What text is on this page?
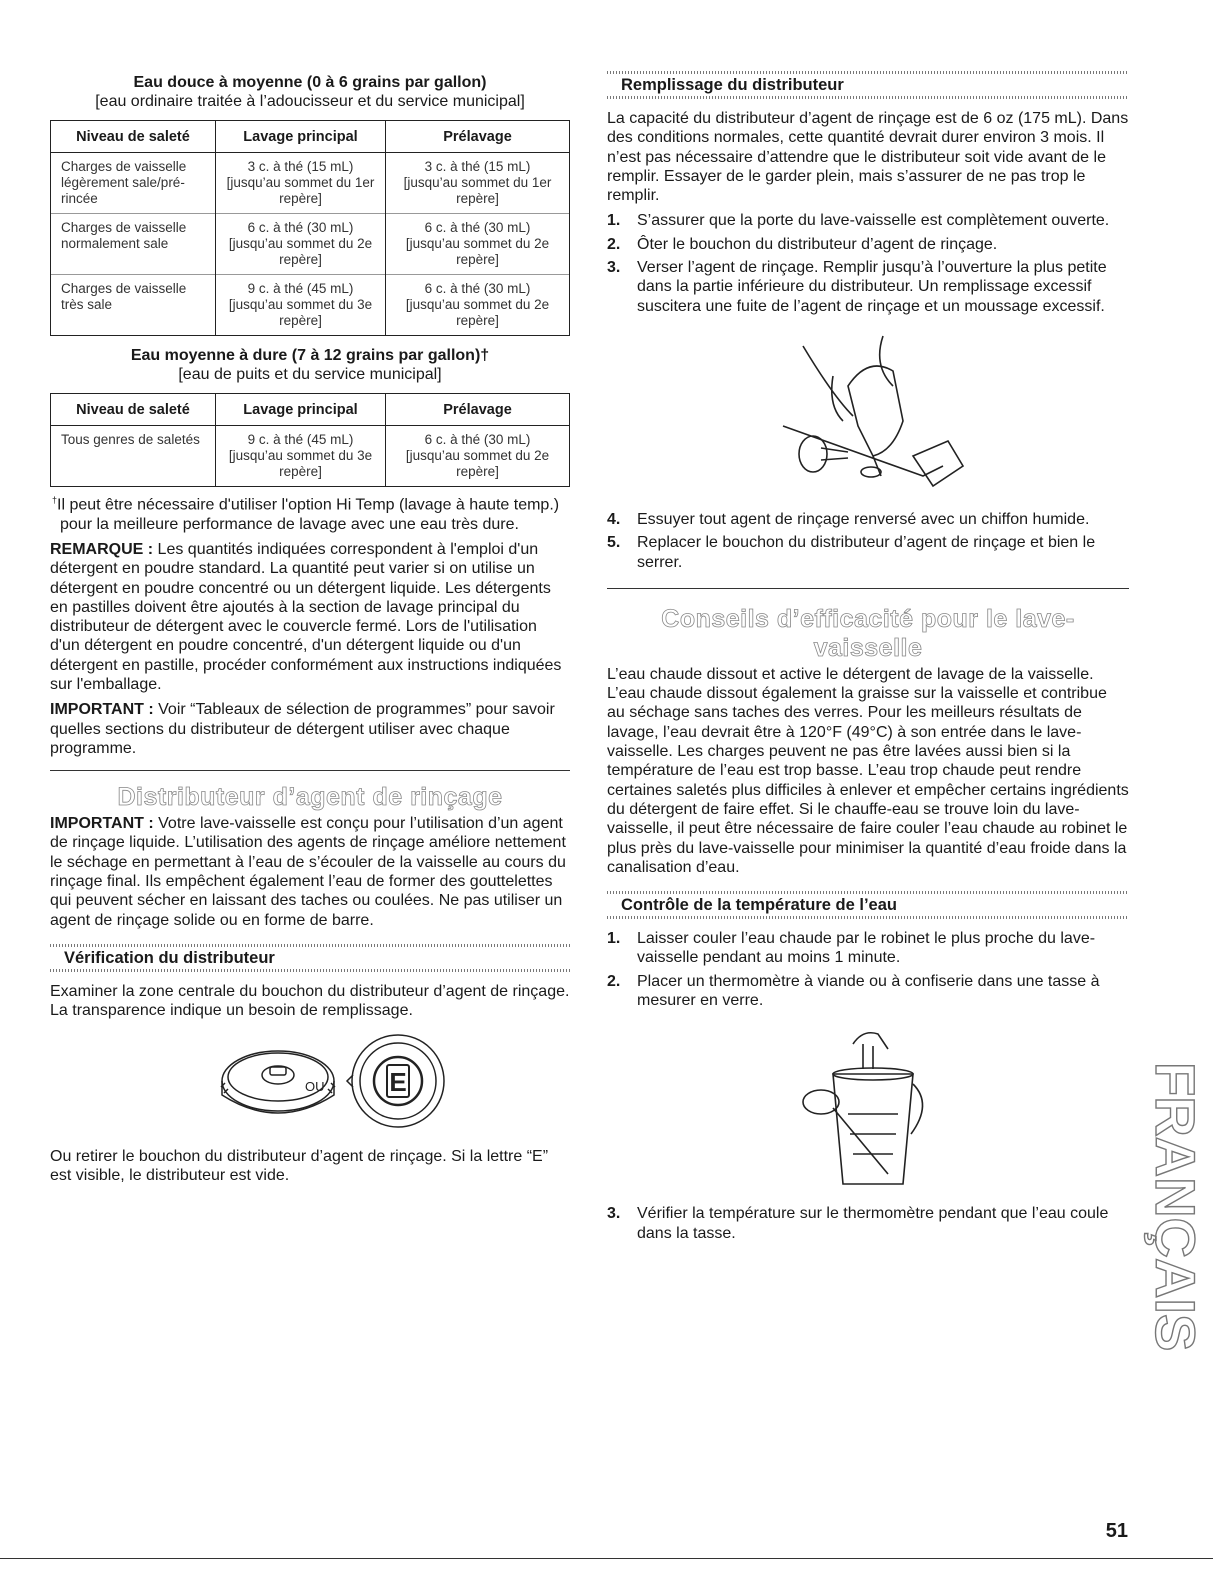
Eau douce à moyenne (0 à 6 grains par gallon)
[eau ordinaire traitée à l’adoucisseur et du service municipal]
Niveau de saleté	Lavage principal	Prélavage
Charges de vaisselle légèrement sale/pré-rincée	3 c. à thé (15 mL) [jusqu’au sommet du 1er repère]	3 c. à thé (15 mL) [jusqu’au sommet du 1er repère]
Charges de vaisselle normalement sale	6 c. à thé (30 mL) [jusqu’au sommet du 2e repère]	6 c. à thé (30 mL) [jusqu’au sommet du 2e repère]
Charges de vaisselle très sale	9 c. à thé (45 mL) [jusqu’au sommet du 3e repère]	6 c. à thé (30 mL) [jusqu’au sommet du 2e repère]
Eau moyenne à dure (7 à 12 grains par gallon)†
[eau de puits et du service municipal]
Niveau de saleté	Lavage principal	Prélavage
Tous genres de saletés	9 c. à thé (45 mL) [jusqu’au sommet du 3e repère]	6 c. à thé (30 mL) [jusqu’au sommet du 2e repère]

†Il peut être nécessaire d'utiliser l'option Hi Temp (lavage à haute temp.) pour la meilleure performance de lavage avec une eau très dure.

REMARQUE : Les quantités indiquées correspondent à l'emploi d'un détergent en poudre standard. La quantité peut varier si on utilise un détergent en poudre concentré ou un détergent liquide. Les détergents en pastilles doivent être ajoutés à la section de lavage principal du distributeur de détergent avec le couvercle fermé. Lors de l'utilisation d'un détergent en poudre concentré, d'un détergent liquide ou d'un détergent en pastille, procéder conformément aux instructions indiquées sur l'emballage.

IMPORTANT : Voir “Tableaux de sélection de programmes” pour savoir quelles sections du distributeur de détergent utiliser avec chaque programme.

Distributeur d’agent de rinçage

IMPORTANT : Votre lave-vaisselle est conçu pour l’utilisation d’un agent de rinçage liquide. L’utilisation des agents de rinçage améliore nettement le séchage en permettant à l’eau de s’écouler de la vaisselle au cours du rinçage final. Ils empêchent également l’eau de former des gouttelettes qui peuvent sécher en laissant des taches ou coulées. Ne pas utiliser un agent de rinçage solide ou en forme de barre.

Vérification du distributeur

Examiner la zone centrale du bouchon du distributeur d’agent de rinçage. La transparence indique un besoin de remplissage.

OU E

Ou retirer le bouchon du distributeur d’agent de rinçage. Si la lettre “E” est visible, le distributeur est vide.

Remplissage du distributeur

La capacité du distributeur d’agent de rinçage est de 6 oz (175 mL). Dans des conditions normales, cette quantité devrait durer environ 3 mois. Il n’est pas nécessaire d’attendre que le distributeur soit vide avant de le remplir. Essayer de le garder plein, mais s’assurer de ne pas trop le remplir.

1. S’assurer que la porte du lave-vaisselle est complètement ouverte.
2. Ôter le bouchon du distributeur d’agent de rinçage.
3. Verser l’agent de rinçage. Remplir jusqu’à l’ouverture la plus petite dans la partie inférieure du distributeur. Un remplissage excessif suscitera une fuite de l’agent de rinçage et un moussage excessif.
4. Essuyer tout agent de rinçage renversé avec un chiffon humide.
5. Replacer le bouchon du distributeur d’agent de rinçage et bien le serrer.
Conseils d’efficacité pour le lave-vaisselle

L’eau chaude dissout et active le détergent de lavage de la vaisselle. L’eau chaude dissout également la graisse sur la vaisselle et contribue au séchage sans taches des verres. Pour les meilleurs résultats de lavage, l’eau devrait être à 120°F (49°C) à son entrée dans le lave-vaisselle. Les charges peuvent ne pas être lavées aussi bien si la température de l’eau est trop basse. L’eau trop chaude peut rendre certaines saletés plus difficiles à enlever et empêcher certains ingrédients du détergent de faire effet. Si le chauffe-eau se trouve loin du lave-vaisselle, il peut être nécessaire de faire couler l’eau chaude au robinet le plus près du lave-vaisselle pour minimiser la quantité d’eau froide dans la canalisation d’eau.

Contrôle de la température de l’eau
1. Laisser couler l’eau chaude par le robinet le plus proche du lave-vaisselle pendant au moins 1 minute.
2. Placer un thermomètre à viande ou à confiserie dans une tasse à mesurer en verre.
3. Vérifier la température sur le thermomètre pendant que l’eau coule dans la tasse.	FRANÇAIS
51
